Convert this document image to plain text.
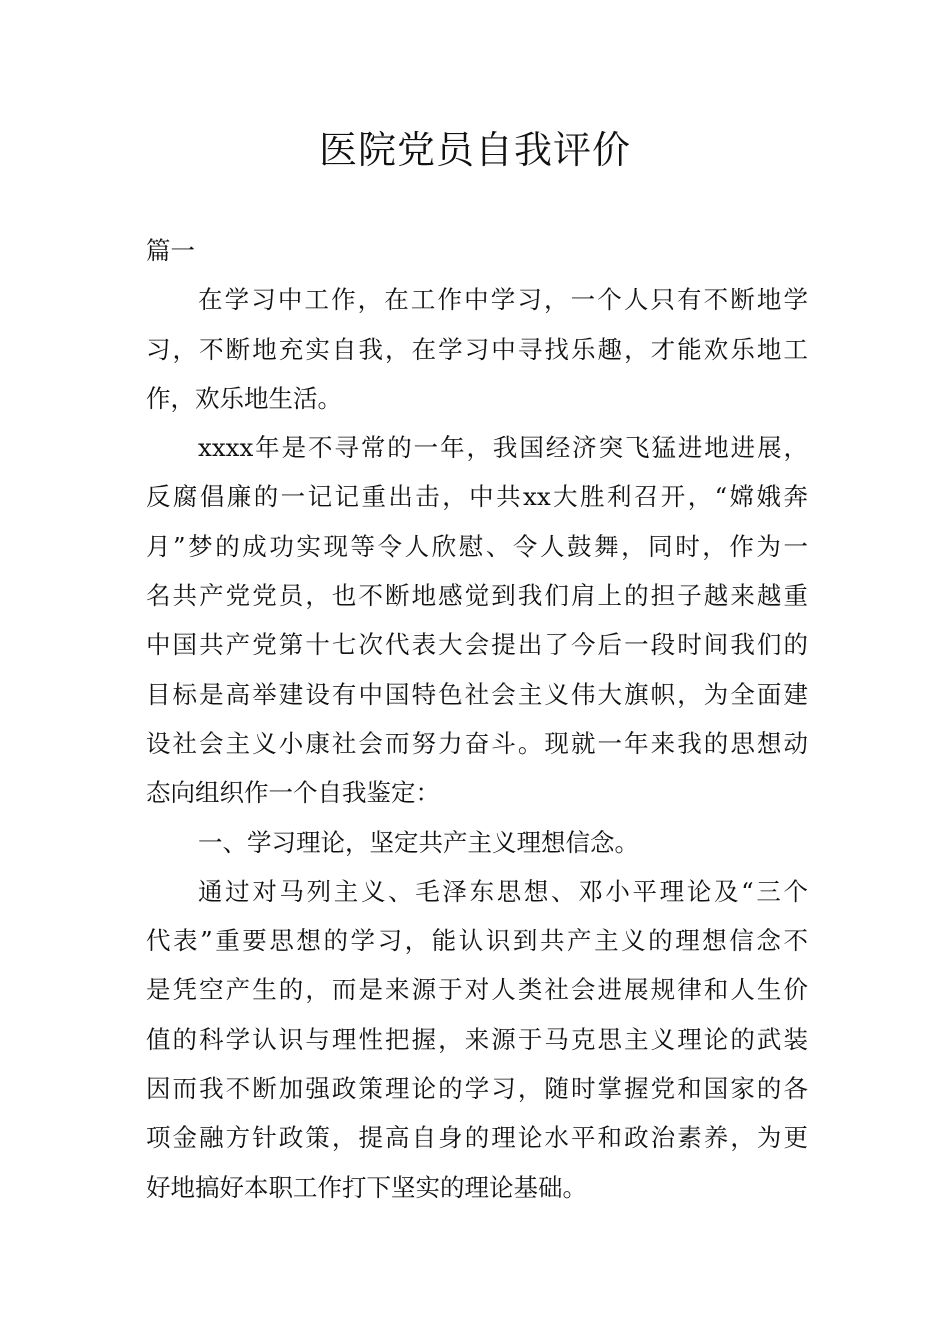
医院党员自我评价

篇一

在学习中工作，在工作中学习，一个人只有不断地学
习，不断地充实自我，在学习中寻找乐趣，才能欢乐地工
作，欢乐地生活。

xxxx年是不寻常的一年，我国经济突飞猛进地进展，
反腐倡廉的一记记重出击，中共xx大胜利召开，“嫦娥奔
月”梦的成功实现等令人欣慰、令人鼓舞，同时，作为一
名共产党党员，也不断地感觉到我们肩上的担子越来越重
中国共产党第十七次代表大会提出了今后一段时间我们的
目标是高举建设有中国特色社会主义伟大旗帜，为全面建
设社会主义小康社会而努力奋斗。现就一年来我的思想动
态向组织作一个自我鉴定：

一、学习理论，坚定共产主义理想信念。

通过对马列主义、毛泽东思想、邓小平理论及“三个
代表”重要思想的学习，能认识到共产主义的理想信念不
是凭空产生的，而是来源于对人类社会进展规律和人生价
值的科学认识与理性把握，来源于马克思主义理论的武装
因而我不断加强政策理论的学习，随时掌握党和国家的各
项金融方针政策，提高自身的理论水平和政治素养，为更
好地搞好本职工作打下坚实的理论基础。
